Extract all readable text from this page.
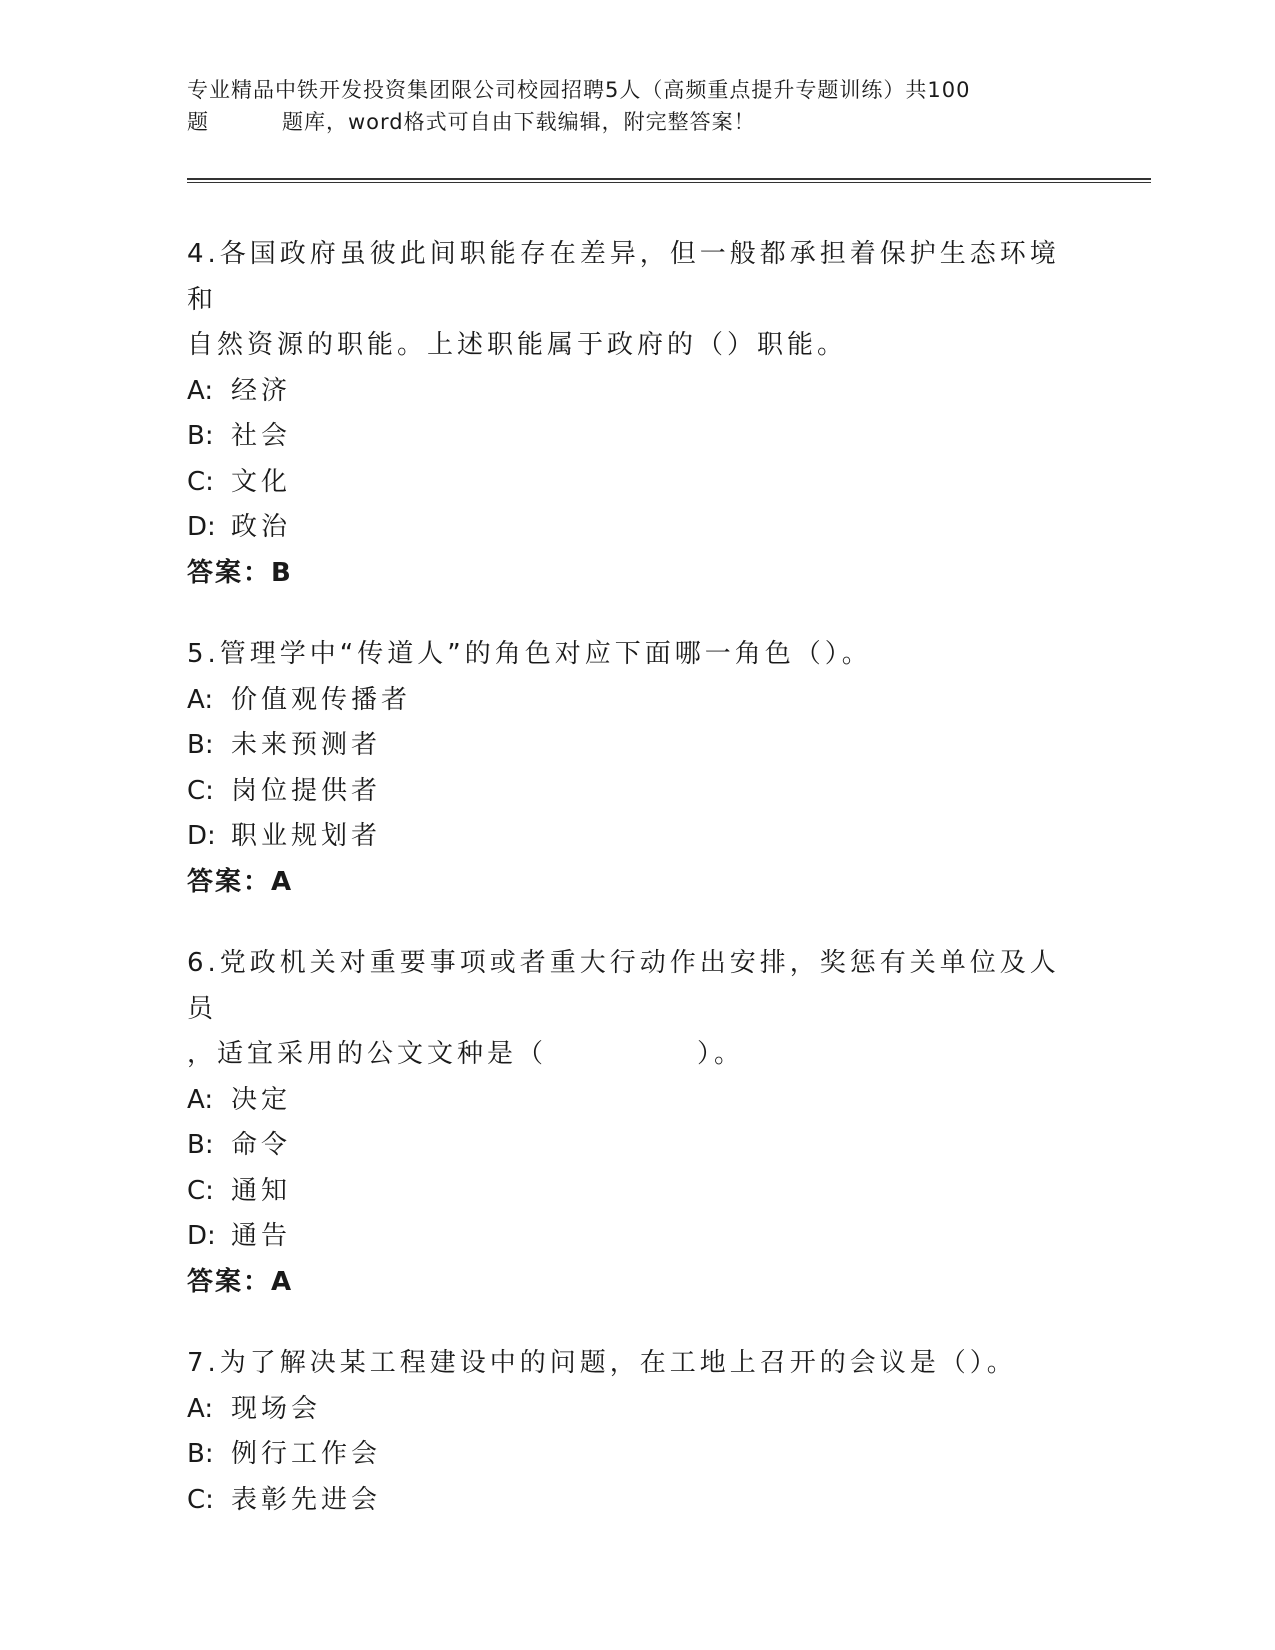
专业精品中铁开发投资集团限公司校园招聘5人（高频重点提升专题训练）共100
题	题库，word格式可自由下载编辑，附完整答案！
4.各国政府虽彼此间职能存在差异，但一般都承担着保护生态环境和
自然资源的职能。上述职能属于政府的（）职能。
A: 经济
B: 社会
C: 文化
D: 政治
答案：B
5.管理学中“传道人”的角色对应下面哪一角色（）。
A: 价值观传播者
B: 未来预测者
C: 岗位提供者
D: 职业规划者
答案：A
6.党政机关对重要事项或者重大行动作出安排，奖惩有关单位及人员
，适宜采用的公文文种是（　　　　　）。
A: 决定
B: 命令
C: 通知
D: 通告
答案：A
7.为了解决某工程建设中的问题，在工地上召开的会议是（）。
A: 现场会
B: 例行工作会
C: 表彰先进会
